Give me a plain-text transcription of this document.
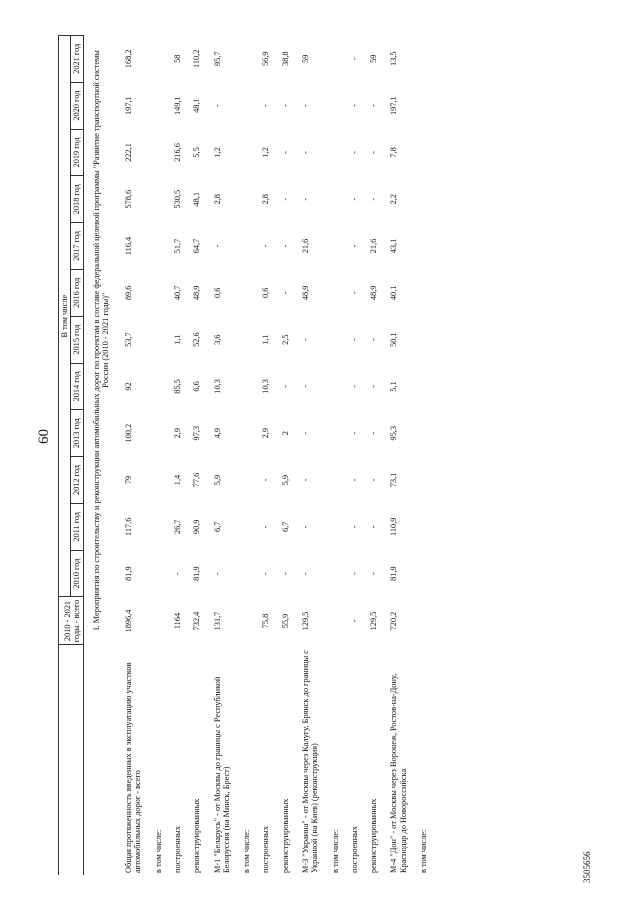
60
3505656
	2010 - 2021 годы - всего	В том числе											
		2010 год	2011 год	2012 год	2013 год	2014 год	2015 год	2016 год	2017 год	2018 год	2019 год	2020 год	2021 год
	I. Мероприятия по строительству и реконструкции автомобильных дорог по проектам в составе федеральной целевой программы "Развитие транспортной системы России (2010 - 2021 годы)"												
Общая протяженность введенных в эксплуатацию участков автомобильных дорог - всего	1896,4	81,9	117,6	79	100,2	92	53,7	89,6	116,4	578,6	222,1	197,1	168,2
в том числе:													
построенных	1164	-	26,7	1,4	2,9	85,5	1,1	40,7	51,7	530,5	216,6	149,1	58
реконструированных	732,4	81,9	90,9	77,6	97,3	6,6	52,6	48,9	64,7	48,1	5,5	48,1	110,2
М-1 "Беларусь" - от Москвы до границы с Республикой Белоруссия (на Минск, Брест)	131,7	-	6,7	5,9	4,9	10,3	3,6	0,6	-	2,8	1,2	-	95,7
в том числе:													
построенных	75,8	-	-	-	2,9	10,3	1,1	0,6	-	2,8	1,2	-	56,9
реконструированных	55,9	-	6,7	5,9	2	-	2,5	-	-	-	-	-	38,8
М-3 "Украина" - от Москвы через Калугу, Брянск до границы с Украиной (на Киев) (реконструкция)	129,5	-	-	-	-	-	-	48,9	21,6	-	-	-	59
в том числе:													
построенных	-	-	-	-	-	-	-	-	-	-	-	-	-
реконструированных	129,5	-	-	-	-	-	-	48,9	21,6	-	-	-	59
М-4 "Дон" - от Москвы через Воронеж, Ростов-на-Дону, Краснодар до Новороссийска	720,2	81,9	110,9	73,1	95,3	5,1	50,1	40,1	43,1	2,2	7,8	197,1	13,5
в том числе:													
